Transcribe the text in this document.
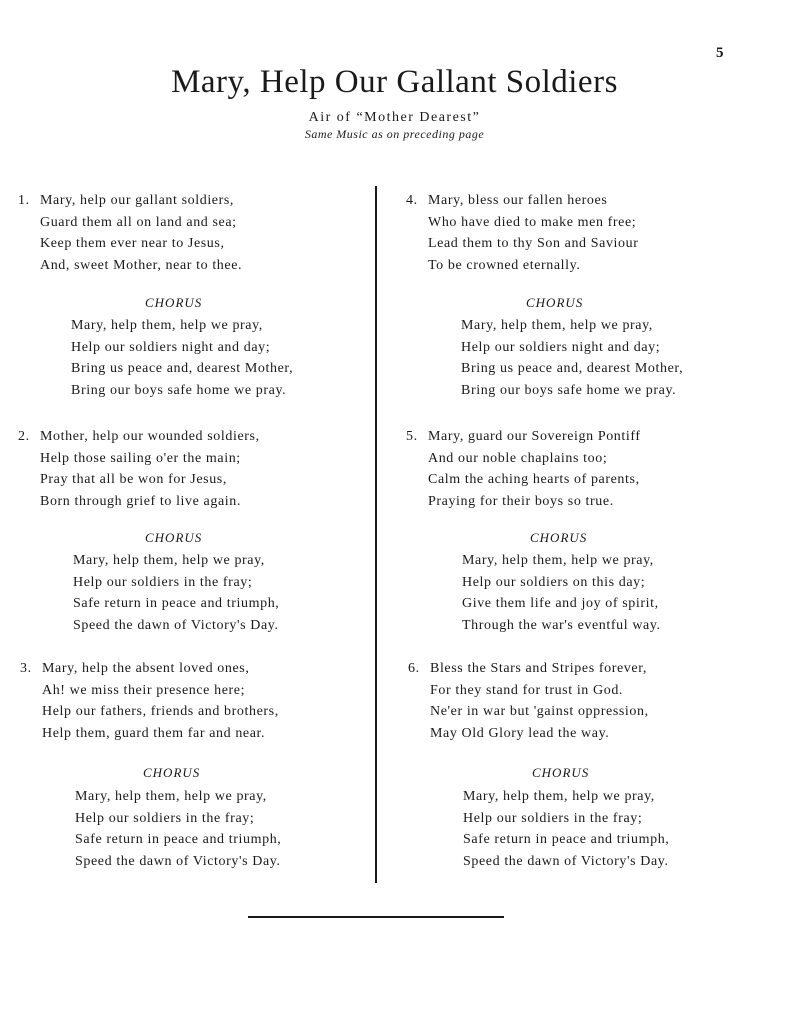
5
Mary, Help Our Gallant Soldiers
Air of “Mother Dearest”
Same Music as on preceding page
1. Mary, help our gallant soldiers,
Guard them all on land and sea;
Keep them ever near to Jesus,
And, sweet Mother, near to thee.
CHORUS
Mary, help them, help we pray,
Help our soldiers night and day;
Bring us peace and, dearest Mother,
Bring our boys safe home we pray.
2. Mother, help our wounded soldiers,
Help those sailing o'er the main;
Pray that all be won for Jesus,
Born through grief to live again.
CHORUS
Mary, help them, help we pray,
Help our soldiers in the fray;
Safe return in peace and triumph,
Speed the dawn of Victory's Day.
3. Mary, help the absent loved ones,
Ah! we miss their presence here;
Help our fathers, friends and brothers,
Help them, guard them far and near.
CHORUS
Mary, help them, help we pray,
Help our soldiers in the fray;
Safe return in peace and triumph,
Speed the dawn of Victory's Day.
4. Mary, bless our fallen heroes
Who have died to make men free;
Lead them to thy Son and Saviour
To be crowned eternally.
CHORUS
Mary, help them, help we pray,
Help our soldiers night and day;
Bring us peace and, dearest Mother,
Bring our boys safe home we pray.
5. Mary, guard our Sovereign Pontiff
And our noble chaplains too;
Calm the aching hearts of parents,
Praying for their boys so true.
CHORUS
Mary, help them, help we pray,
Help our soldiers on this day;
Give them life and joy of spirit,
Through the war's eventful way.
6. Bless the Stars and Stripes forever,
For they stand for trust in God.
Ne'er in war but 'gainst oppression,
May Old Glory lead the way.
CHORUS
Mary, help them, help we pray,
Help our soldiers in the fray;
Safe return in peace and triumph,
Speed the dawn of Victory's Day.
